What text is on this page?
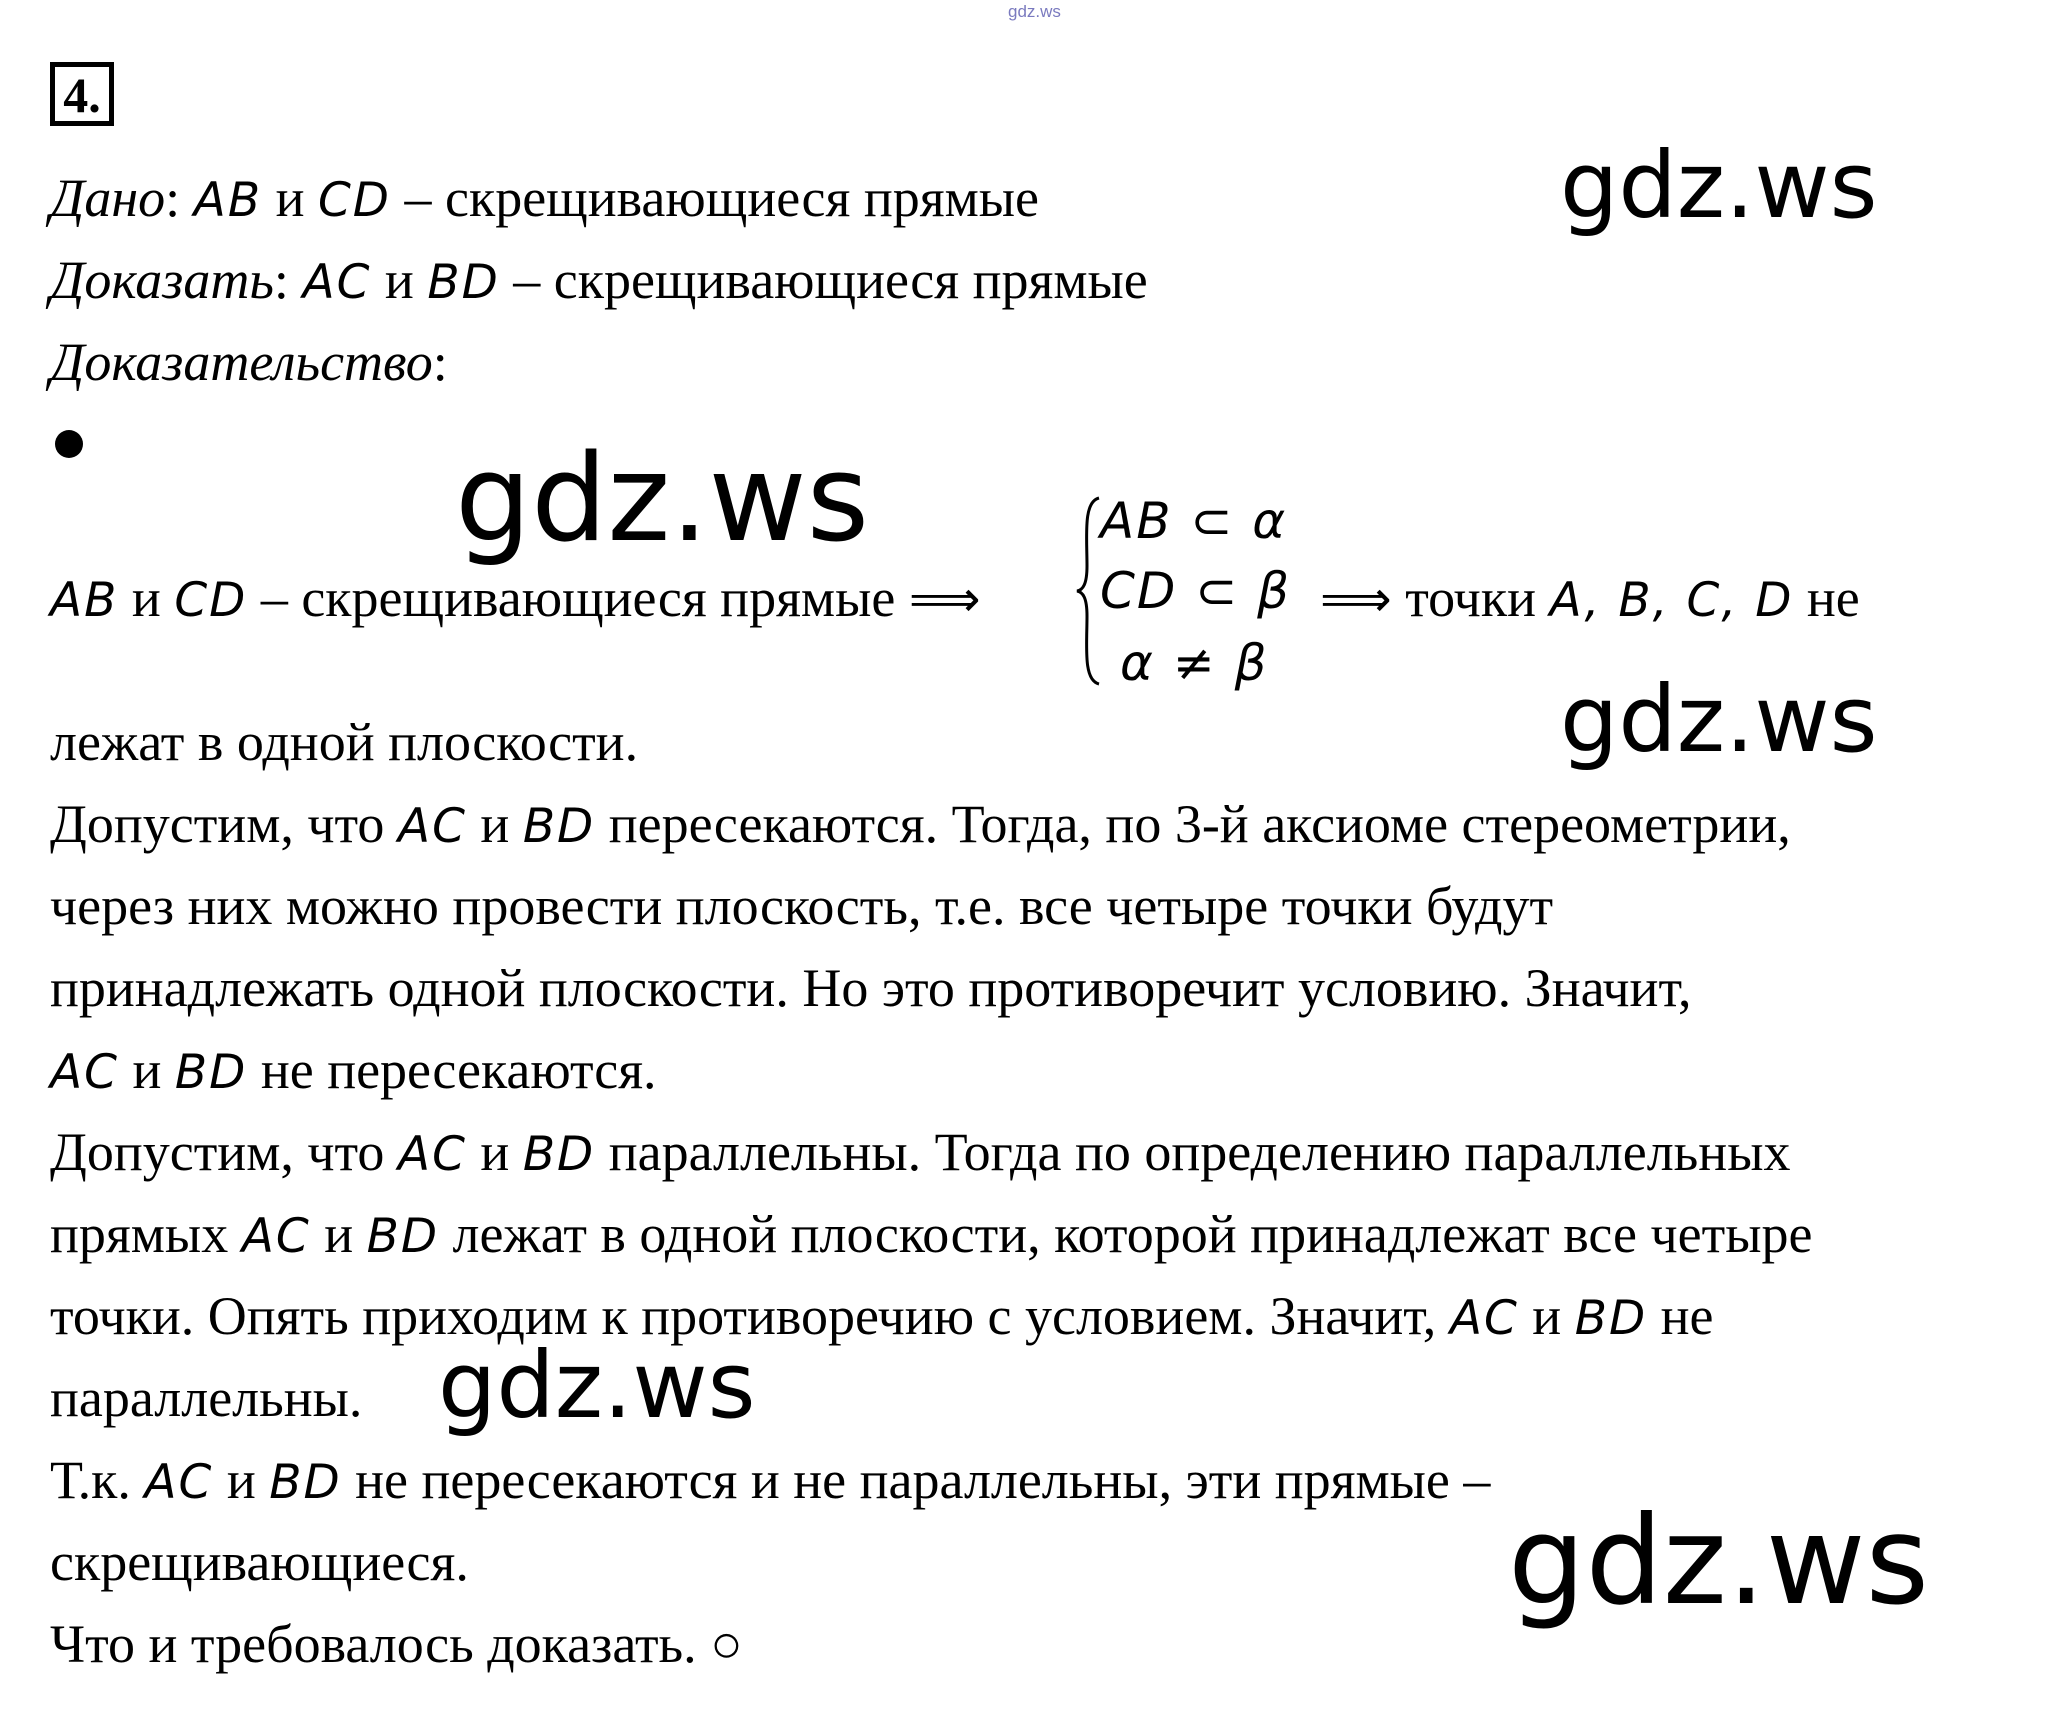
gdz.ws
4.
Дано: AB и CD – скрещивающиеся прямые
Доказать: AC и BD – скрещивающиеся прямые
Доказательство:
AB и CD – скрещивающиеся прямые ⟹
AB ⊂ α
CD ⊂ β
α ≠ β
⟹ точки A, B, C, D не
лежат в одной плоскости.
Допустим, что AC и BD пересекаются. Тогда, по 3-й аксиоме стереометрии,
через них можно провести плоскость, т.е. все четыре точки будут
принадлежать одной плоскости. Но это противоречит условию. Значит,
AC и BD не пересекаются.
Допустим, что AC и BD параллельны. Тогда по определению параллельных
прямых AC и BD лежат в одной плоскости, которой принадлежат все четыре
точки. Опять приходим к противоречию с условием. Значит, AC и BD не
параллельны.
Т.к. AC и BD не пересекаются и не параллельны, эти прямые –
скрещивающиеся.
Что и требовалось доказать. ○
gdz.ws
gdz.ws
gdz.ws
gdz.ws
gdz.ws
